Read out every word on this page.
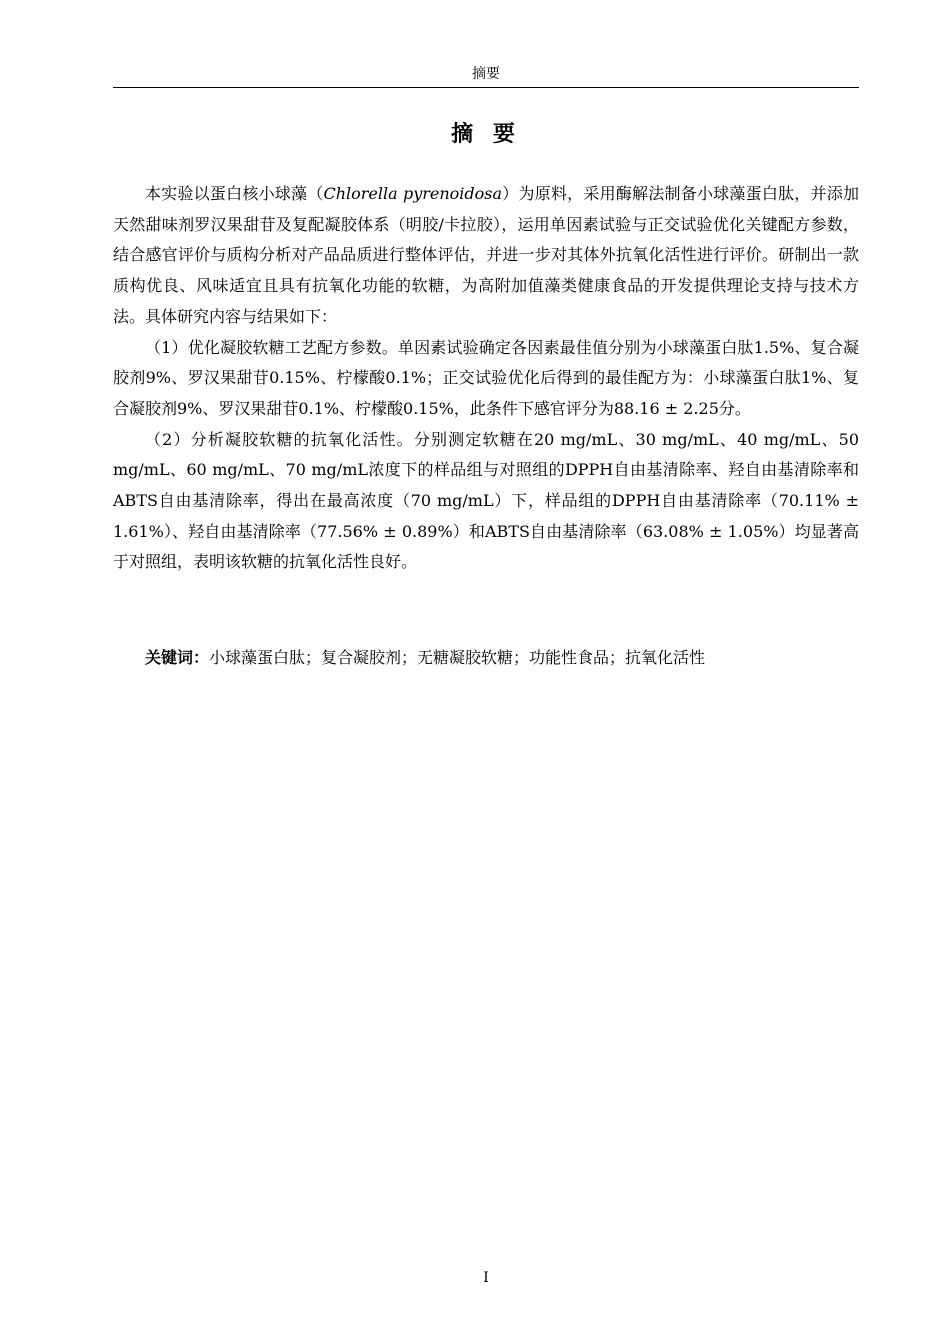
摘要
摘 要

本实验以蛋白核小球藻（Chlorella pyrenoidosa）为原料，采用酶解法制备小球藻蛋白肽，并添加天然甜味剂罗汉果甜苷及复配凝胶体系（明胶/卡拉胶），运用单因素试验与正交试验优化关键配方参数，结合感官评价与质构分析对产品品质进行整体评估，并进一步对其体外抗氧化活性进行评价。研制出一款质构优良、风味适宜且具有抗氧化功能的软糖，为高附加值藻类健康食品的开发提供理论支持与技术方法。具体研究内容与结果如下：

（1）优化凝胶软糖工艺配方参数。单因素试验确定各因素最佳值分别为小球藻蛋白肽1.5%、复合凝胶剂9%、罗汉果甜苷0.15%、柠檬酸0.1%；正交试验优化后得到的最佳配方为：小球藻蛋白肽1%、复合凝胶剂9%、罗汉果甜苷0.1%、柠檬酸0.15%，此条件下感官评分为88.16 ± 2.25分。

（2）分析凝胶软糖的抗氧化活性。分别测定软糖在20 mg/mL、30 mg/mL、40 mg/mL、50 mg/mL、60 mg/mL、70 mg/mL浓度下的样品组与对照组的DPPH自由基清除率、羟自由基清除率和ABTS自由基清除率，得出在最高浓度（70 mg/mL）下，样品组的DPPH自由基清除率（70.11% ± 1.61%）、羟自由基清除率（77.56% ± 0.89%）和ABTS自由基清除率（63.08% ± 1.05%）均显著高于对照组，表明该软糖的抗氧化活性良好。

关键词：小球藻蛋白肽；复合凝胶剂；无糖凝胶软糖；功能性食品；抗氧化活性
I
